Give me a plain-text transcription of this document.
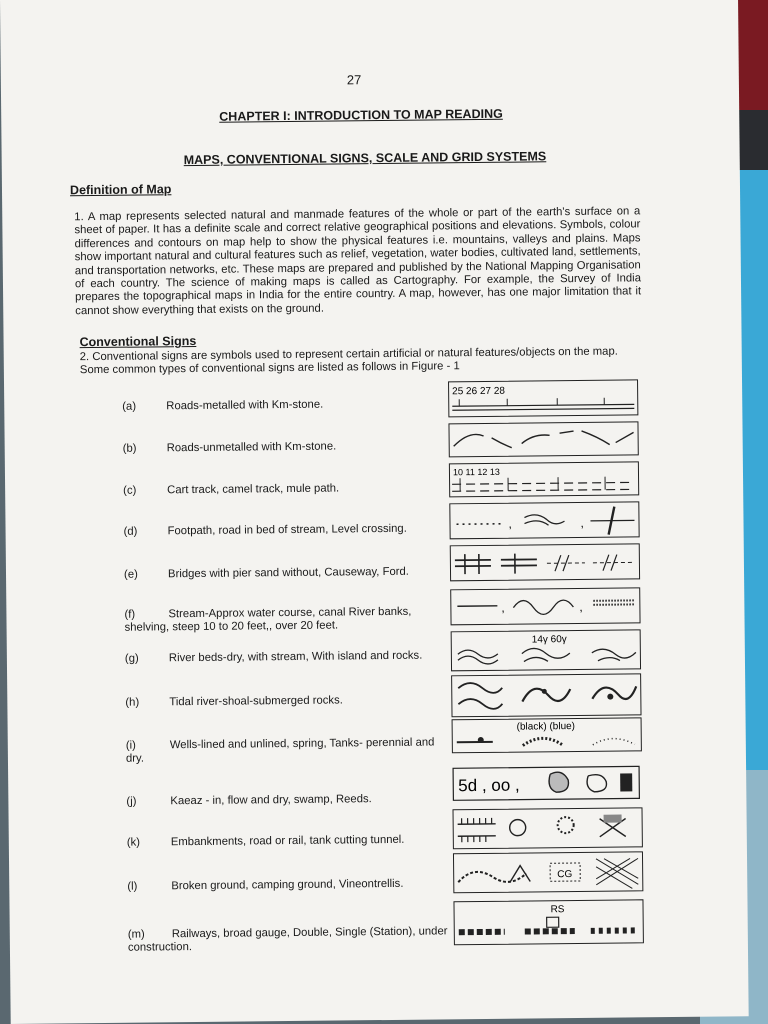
27
CHAPTER I: INTRODUCTION TO MAP READING
MAPS, CONVENTIONAL SIGNS, SCALE AND GRID SYSTEMS
Definition of Map
1. A map represents selected natural and manmade features of the whole or part of the earth's surface on a sheet of paper. It has a definite scale and correct relative geographical positions and elevations. Symbols, colour differences and contours on map help to show the physical features i.e. mountains, valleys and plains. Maps show important natural and cultural features such as relief, vegetation, water bodies, cultivated land, settlements, and transportation networks, etc. These maps are prepared and published by the National Mapping Organisation of each country. The science of making maps is called as Cartography. For example, the Survey of India prepares the topographical maps in India for the entire country. A map, however, has one major limitation that it cannot show everything that exists on the ground.
Conventional Signs
2. Conventional signs are symbols used to represent certain artificial or natural features/objects on the map. Some common types of conventional signs are listed as follows in Figure - 1
(a)	Roads-metalled with Km-stone.
(b)	Roads-unmetalled with Km-stone.
(c)	Cart track, camel track, mule path.
(d)	Footpath, road in bed of stream, Level crossing.
(e)	Bridges with pier sand without, Causeway, Ford.
(f)	Stream-Approx water course, canal River banks, shelving, steep 10 to 20 feet,, over 20 feet.
(g)	River beds-dry, with stream, With island and rocks.
(h)	Tidal river-shoal-submerged rocks.
(i)	Wells-lined and unlined, spring, Tanks- perennial and dry.
(j)	Kaeaz - in, flow and dry, swamp, Reeds.
(k)	Embankments, road or rail, tank cutting tunnel.
(l)	Broken ground, camping ground, Vineontrellis.
(m) Railways, broad gauge, Double, Single (Station), under construction.
25 26 27 28
10 11 12 13
,	,
,	,
14γ 60γ
(black) (blue)
5d , oo ,
CG
RS
